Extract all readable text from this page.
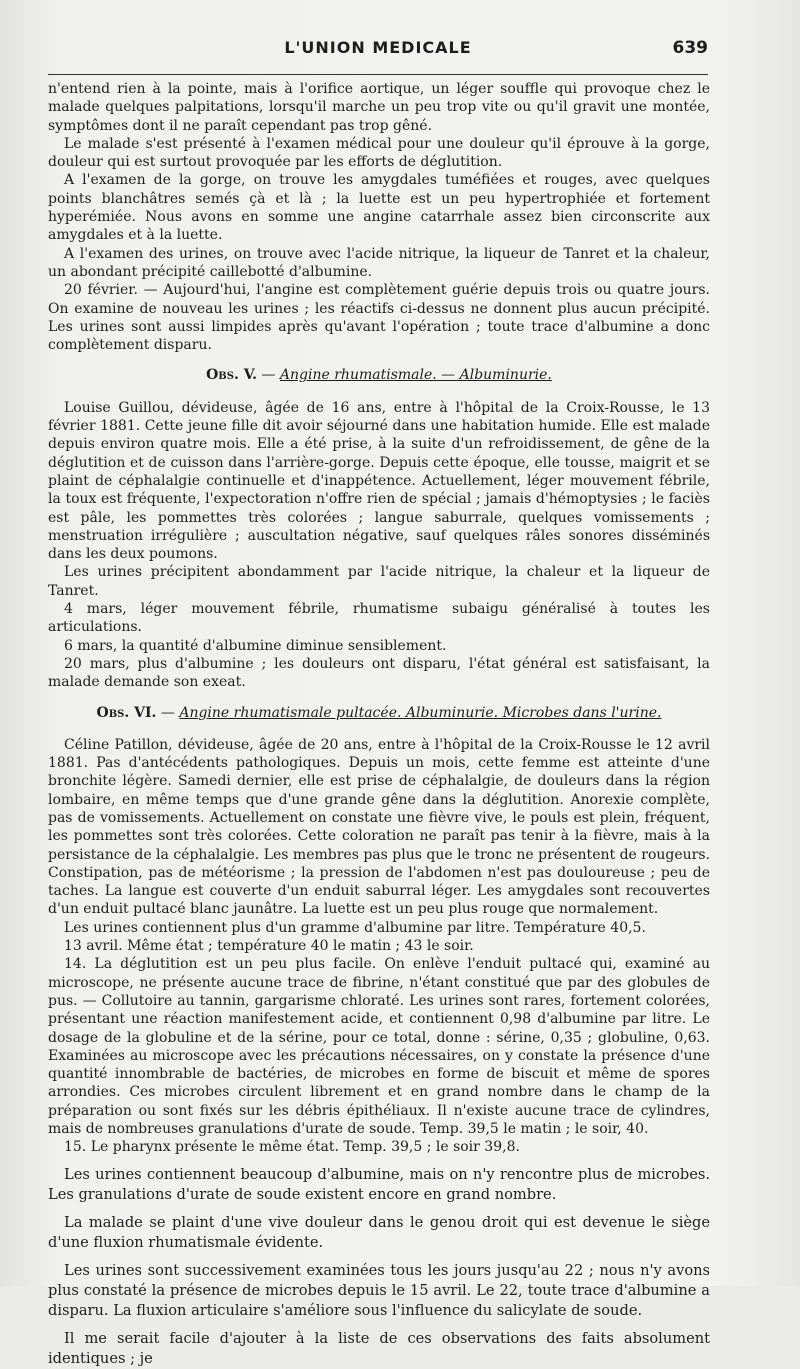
L'UNION MEDICALE	639

n'entend rien à la pointe, mais à l'orifice aortique, un léger souffle qui provoque chez le malade quelques palpitations, lorsqu'il marche un peu trop vite ou qu'il gravit une montée, symptômes dont il ne paraît cependant pas trop gêné.

Le malade s'est présenté à l'examen médical pour une douleur qu'il éprouve à la gorge, douleur qui est surtout provoquée par les efforts de déglutition.

A l'examen de la gorge, on trouve les amygdales tuméfiées et rouges, avec quelques points blanchâtres semés çà et là ; la luette est un peu hypertrophiée et fortement hyperémiée. Nous avons en somme une angine catarrhale assez bien circonscrite aux amygdales et à la luette.

A l'examen des urines, on trouve avec l'acide nitrique, la liqueur de Tanret et la chaleur, un abondant précipité caillebotté d'albumine.

20 février. — Aujourd'hui, l'angine est complètement guérie depuis trois ou quatre jours. On examine de nouveau les urines ; les réactifs ci-dessus ne donnent plus aucun précipité. Les urines sont aussi limpides après qu'avant l'opération ; toute trace d'albumine a donc complètement disparu.

Obs. V. — Angine rhumatismale. — Albuminurie.

Louise Guillou, dévideuse, âgée de 16 ans, entre à l'hôpital de la Croix-Rousse, le 13 février 1881. Cette jeune fille dit avoir séjourné dans une habitation humide. Elle est malade depuis environ quatre mois. Elle a été prise, à la suite d'un refroidissement, de gêne de la déglutition et de cuisson dans l'arrière-gorge. Depuis cette époque, elle tousse, maigrit et se plaint de céphalalgie continuelle et d'inappétence. Actuellement, léger mouvement fébrile, la toux est fréquente, l'expectoration n'offre rien de spécial ; jamais d'hémoptysies ; le faciès est pâle, les pommettes très colorées ; langue saburrale, quelques vomissements ; menstruation irrégulière ; auscultation négative, sauf quelques râles sonores disséminés dans les deux poumons.

Les urines précipitent abondamment par l'acide nitrique, la chaleur et la liqueur de Tanret.

4 mars, léger mouvement fébrile, rhumatisme subaigu généralisé à toutes les articulations.

6 mars, la quantité d'albumine diminue sensiblement.

20 mars, plus d'albumine ; les douleurs ont disparu, l'état général est satisfaisant, la malade demande son exeat.

Obs. VI. — Angine rhumatismale pultacée. Albuminurie. Microbes dans l'urine.

Céline Patillon, dévideuse, âgée de 20 ans, entre à l'hôpital de la Croix-Rousse le 12 avril 1881. Pas d'antécédents pathologiques. Depuis un mois, cette femme est atteinte d'une bronchite légère. Samedi dernier, elle est prise de céphalalgie, de douleurs dans la région lombaire, en même temps que d'une grande gêne dans la déglutition. Anorexie complète, pas de vomissements. Actuellement on constate une fièvre vive, le pouls est plein, fréquent, les pommettes sont très colorées. Cette coloration ne paraît pas tenir à la fièvre, mais à la persistance de la céphalalgie. Les membres pas plus que le tronc ne présentent de rougeurs. Constipation, pas de météorisme ; la pression de l'abdomen n'est pas douloureuse ; peu de taches. La langue est couverte d'un enduit saburral léger. Les amygdales sont recouvertes d'un enduit pultacé blanc jaunâtre. La luette est un peu plus rouge que normalement.

Les urines contiennent plus d'un gramme d'albumine par litre. Température 40,5.

13 avril. Même état ; température 40 le matin ; 43 le soir.

14. La déglutition est un peu plus facile. On enlève l'enduit pultacé qui, examiné au microscope, ne présente aucune trace de fibrine, n'étant constitué que par des globules de pus. — Collutoire au tannin, gargarisme chloraté. Les urines sont rares, fortement colorées, présentant une réaction manifestement acide, et contiennent 0,98 d'albumine par litre. Le dosage de la globuline et de la sérine, pour ce total, donne : sérine, 0,35 ; globuline, 0,63. Examinées au microscope avec les précautions nécessaires, on y constate la présence d'une quantité innombrable de bactéries, de microbes en forme de biscuit et même de spores arrondies. Ces microbes circulent librement et en grand nombre dans le champ de la préparation ou sont fixés sur les débris épithéliaux. Il n'existe aucune trace de cylindres, mais de nombreuses granulations d'urate de soude. Temp. 39,5 le matin ; le soir, 40.

15. Le pharynx présente le même état. Temp. 39,5 ; le soir 39,8.

Les urines contiennent beaucoup d'albumine, mais on n'y rencontre plus de microbes. Les granulations d'urate de soude existent encore en grand nombre.

La malade se plaint d'une vive douleur dans le genou droit qui est devenue le siège d'une fluxion rhumatismale évidente.

Les urines sont successivement examinées tous les jours jusqu'au 22 ; nous n'y avons plus constaté la présence de microbes depuis le 15 avril. Le 22, toute trace d'albumine a disparu. La fluxion articulaire s'améliore sous l'influence du salicylate de soude.

Il me serait facile d'ajouter à la liste de ces observations des faits absolument identiques ; je
